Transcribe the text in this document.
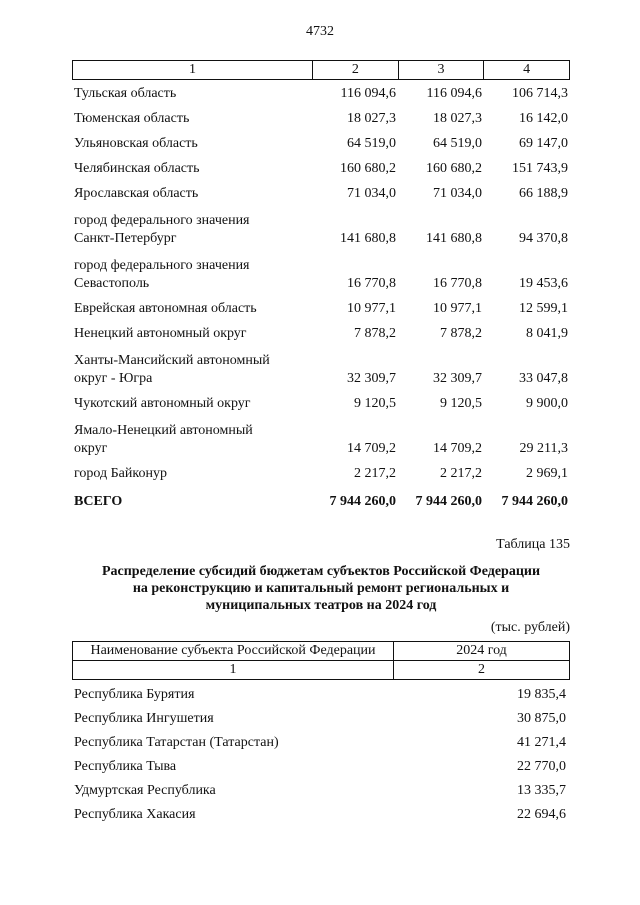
4732
1	2	3	4
Тульская область	116 094,6	116 094,6	106 714,3
Тюменская область	18 027,3	18 027,3	16 142,0
Ульяновская область	64 519,0	64 519,0	69 147,0
Челябинская область	160 680,2	160 680,2	151 743,9
Ярославская область	71 034,0	71 034,0	66 188,9
город федерального значения
Санкт-Петербург	141 680,8	141 680,8	94 370,8
город федерального значения
Севастополь	16 770,8	16 770,8	19 453,6
Еврейская автономная область	10 977,1	10 977,1	12 599,1
Ненецкий автономный округ	7 878,2	7 878,2	8 041,9
Ханты-Мансийский автономный
округ - Югра	32 309,7	32 309,7	33 047,8
Чукотский автономный округ	9 120,5	9 120,5	9 900,0
Ямало-Ненецкий автономный
округ	14 709,2	14 709,2	29 211,3
город Байконур	2 217,2	2 217,2	2 969,1
ВСЕГО	7 944 260,0	7 944 260,0	7 944 260,0
Таблица 135
Распределение субсидий бюджетам субъектов Российской Федерации
на реконструкцию и капитальный ремонт региональных и
муниципальных театров на 2024 год
(тыс. рублей)
Наименование субъекта Российской Федерации	2024 год
1	2
Республика Бурятия	19 835,4
Республика Ингушетия	30 875,0
Республика Татарстан (Татарстан)	41 271,4
Республика Тыва	22 770,0
Удмуртская Республика	13 335,7
Республика Хакасия	22 694,6
